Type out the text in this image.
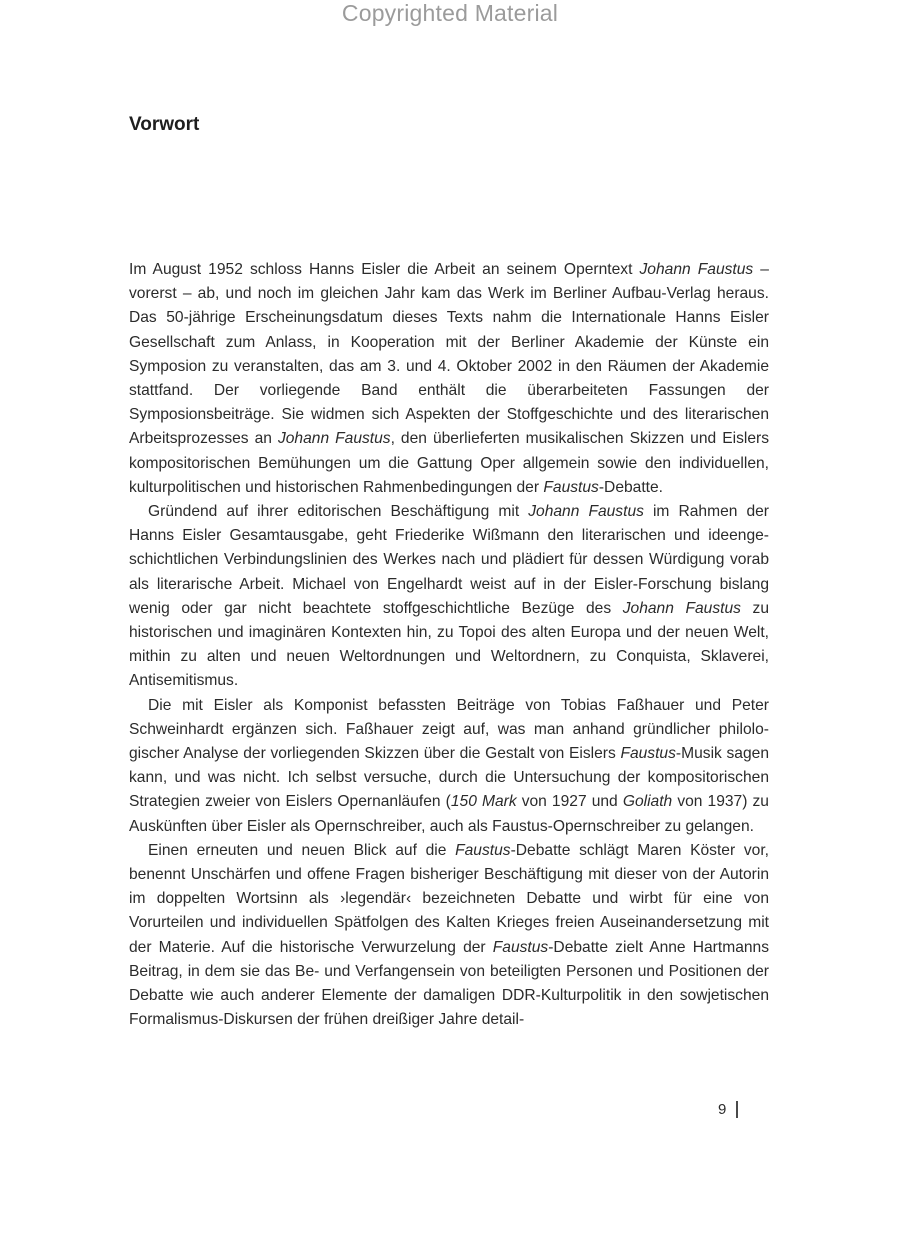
Copyrighted Material
Vorwort

Im August 1952 schloss Hanns Eisler die Arbeit an seinem Operntext Johann Faustus – vorerst – ab, und noch im gleichen Jahr kam das Werk im Berliner Aufbau-Verlag heraus. Das 50-jährige Erscheinungsdatum dieses Texts nahm die Internationale Hanns Eisler Gesellschaft zum Anlass, in Kooperation mit der Berliner Akademie der Künste ein Symposion zu veranstalten, das am 3. und 4. Oktober 2002 in den Räumen der Akademie stattfand. Der vorliegende Band enthält die überarbeiteten Fassungen der Symposionsbeiträge. Sie widmen sich Aspekten der Stoffgeschichte und des literarischen Arbeitsprozesses an Johann Faustus, den überlieferten musikalischen Skizzen und Eislers kompositorischen Bemühungen um die Gattung Oper allgemein sowie den individuellen, kulturpolitischen und historischen Rahmenbedingungen der Faustus-Debatte.

Gründend auf ihrer editorischen Beschäftigung mit Johann Faustus im Rahmen der Hanns Eisler Gesamtausgabe, geht Friederike Wißmann den literarischen und ideengeschichtlichen Verbindungslinien des Werkes nach und plädiert für dessen Würdigung vorab als literarische Arbeit. Michael von Engelhardt weist auf in der Eisler-Forschung bislang wenig oder gar nicht beachtete stoffgeschichtliche Bezüge des Johann Faustus zu historischen und imaginären Kontexten hin, zu Topoi des alten Europa und der neuen Welt, mithin zu alten und neuen Weltordnungen und Weltordnern, zu Conquista, Sklaverei, Antisemitismus.

Die mit Eisler als Komponist befassten Beiträge von Tobias Faßhauer und Peter Schweinhardt ergänzen sich. Faßhauer zeigt auf, was man anhand gründlicher philologischer Analyse der vorliegenden Skizzen über die Gestalt von Eislers Faustus-Musik sagen kann, und was nicht. Ich selbst versuche, durch die Untersuchung der kompositorischen Strategien zweier von Eislers Opernanläufen (150 Mark von 1927 und Goliath von 1937) zu Auskünften über Eisler als Opernschreiber, auch als Faustus-Opernschreiber zu gelangen.

Einen erneuten und neuen Blick auf die Faustus-Debatte schlägt Maren Köster vor, benennt Unschärfen und offene Fragen bisheriger Beschäftigung mit dieser von der Autorin im doppelten Wortsinn als ›legendär‹ bezeichneten Debatte und wirbt für eine von Vorurteilen und individuellen Spätfolgen des Kalten Krieges freien Auseinandersetzung mit der Materie. Auf die historische Verwurzelung der Faustus-Debatte zielt Anne Hartmanns Beitrag, in dem sie das Be- und Verfangensein von beteiligten Personen und Positionen der Debatte wie auch anderer Elemente der damaligen DDR-Kulturpolitik in den sowjetischen Formalismus-Diskursen der frühen dreißiger Jahre detail-

9
